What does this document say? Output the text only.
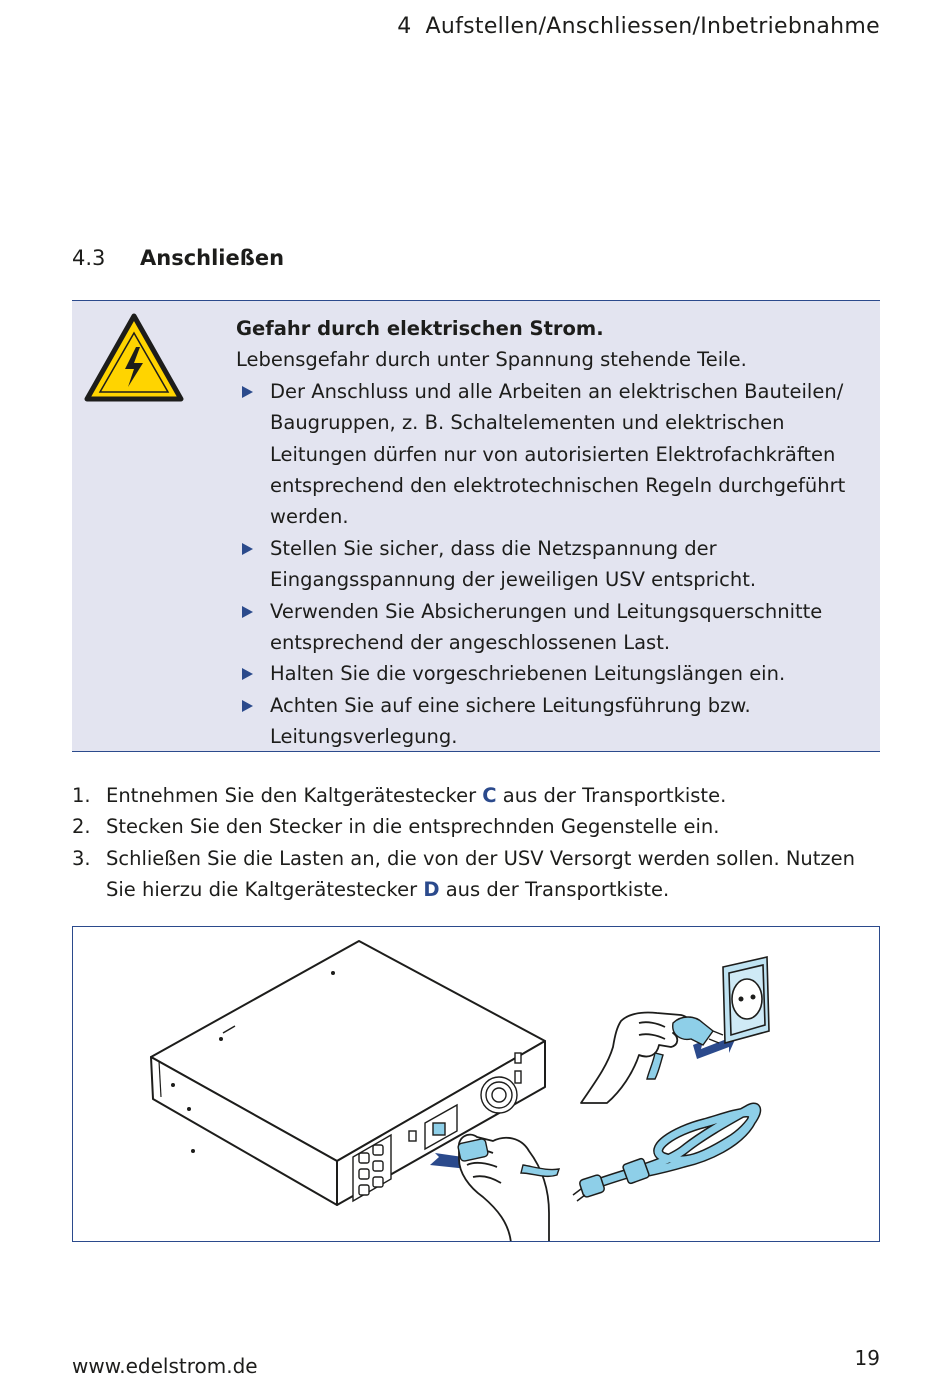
4 Aufstellen/Anschliessen/Inbetriebnahme
4.3 Anschließen
Gefahr durch elektrischen Strom.
Lebensgefahr durch unter Spannung stehende Teile.
Der Anschluss und alle Arbeiten an elektrischen Bauteilen/
Baugruppen, z. B. Schaltelementen und elektrischen
Leitungen dürfen nur von autorisierten Elektrofachkräften
entsprechend den elektrotechnischen Regeln durchgeführt
werden.
Stellen Sie sicher, dass die Netzspannung der
Eingangsspannung der jeweiligen USV entspricht.
Verwenden Sie Absicherungen und Leitungsquerschnitte
entsprechend der angeschlossenen Last.
Halten Sie die vorgeschriebenen Leitungslängen ein.
Achten Sie auf eine sichere Leitungsführung bzw.
Leitungsverlegung.
1. Entnehmen Sie den Kaltgerätestecker C aus der Transportkiste.
2. Stecken Sie den Stecker in die entsprechnden Gegenstelle ein.
3. Schließen Sie die Lasten an, die von der USV Versorgt werden sollen. Nutzen
Sie hierzu die Kaltgerätestecker D aus der Transportkiste.
www.edelstrom.de	19
